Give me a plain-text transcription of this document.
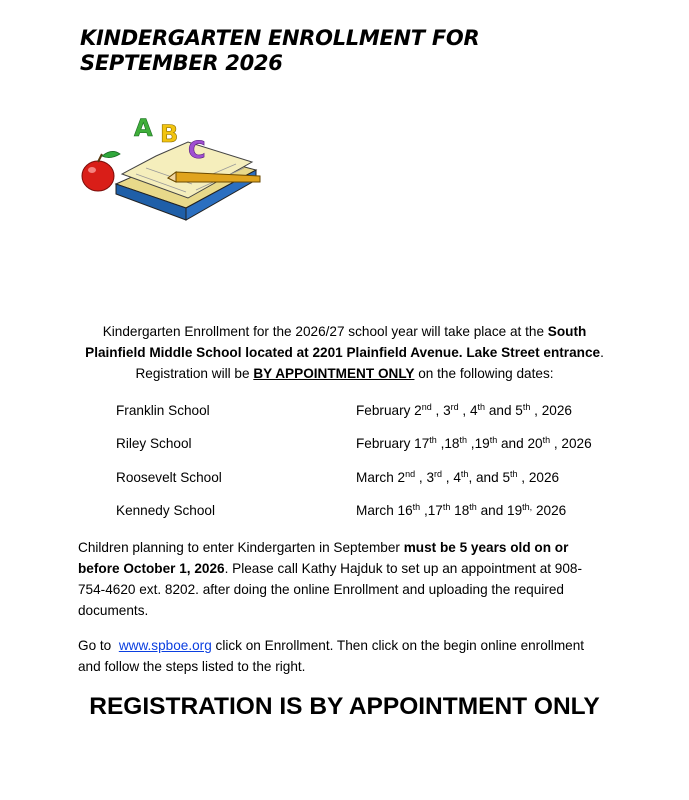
KINDERGARTEN ENROLLMENT FOR
SEPTEMBER 2026
A B
C
Kindergarten Enrollment for the 2026/27 school year will take place at the South Plainfield Middle School located at 2201 Plainfield Avenue. Lake Street entrance. Registration will be BY APPOINTMENT ONLY on the following dates:
Franklin School	February 2nd , 3rd , 4th and 5th , 2026
Riley School	February 17th ,18th ,19th and 20th , 2026
Roosevelt School	March 2nd , 3rd , 4th, and 5th , 2026
Kennedy School	March 16th ,17th 18th and $19^{th,}$ 2026
Children planning to enter Kindergarten in September must be 5 years old on or before October 1, 2026. Please call Kathy Hajduk to set up an appointment at 908-754-4620 ext. 8202. after doing the online Enrollment and uploading the required documents.
Go to  www.spboe.org click on Enrollment. Then click on the begin online enrollment and follow the steps listed to the right.
REGISTRATION IS BY APPOINTMENT ONLY
